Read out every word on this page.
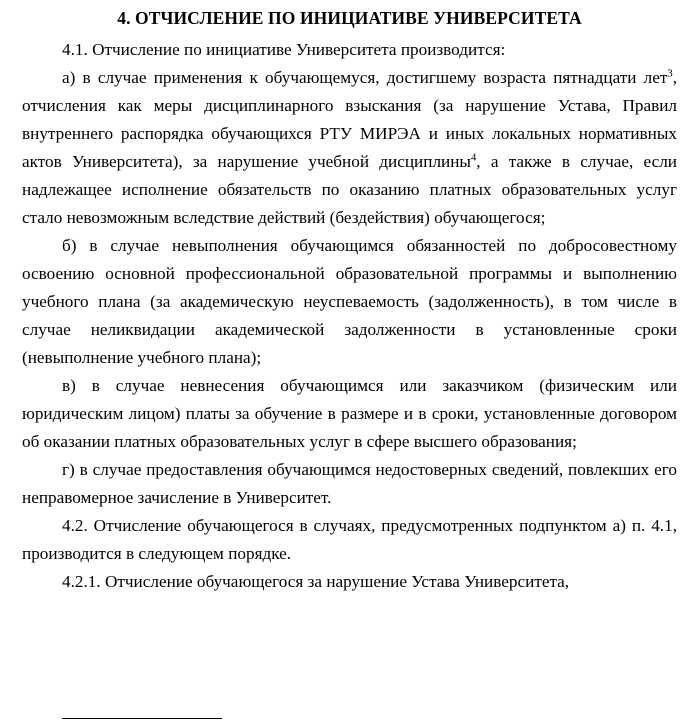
4. ОТЧИСЛЕНИЕ ПО ИНИЦИАТИВЕ УНИВЕРСИТЕТА

4.1. Отчисление по инициативе Университета производится:

а) в случае применения к обучающемуся, достигшему возраста пятнадцати лет$^3$, отчисления как меры дисциплинарного взыскания (за нарушение Устава, Правил внутреннего распорядка обучающихся РТУ МИРЭА и иных локальных нормативных актов Университета), за нарушение учебной дисциплины$^4$, а также в случае, если надлежащее исполнение обязательств по оказанию платных образовательных услуг стало невозможным вследствие действий (бездействия) обучающегося;

б) в случае невыполнения обучающимся обязанностей по добросовестному освоению основной профессиональной образовательной программы и выполнению учебного плана (за академическую неуспеваемость (задолженность), в том числе в случае неликвидации академической задолженности в установленные сроки (невыполнение учебного плана);

в) в случае невнесения обучающимся или заказчиком (физическим или юридическим лицом) платы за обучение в размере и в сроки, установленные договором об оказании платных образовательных услуг в сфере высшего образования;

г) в случае предоставления обучающимся недостоверных сведений, повлекших его неправомерное зачисление в Университет.

4.2. Отчисление обучающегося в случаях, предусмотренных подпунктом а) п. 4.1, производится в следующем порядке.

4.2.1. Отчисление обучающегося за нарушение Устава Университета,
